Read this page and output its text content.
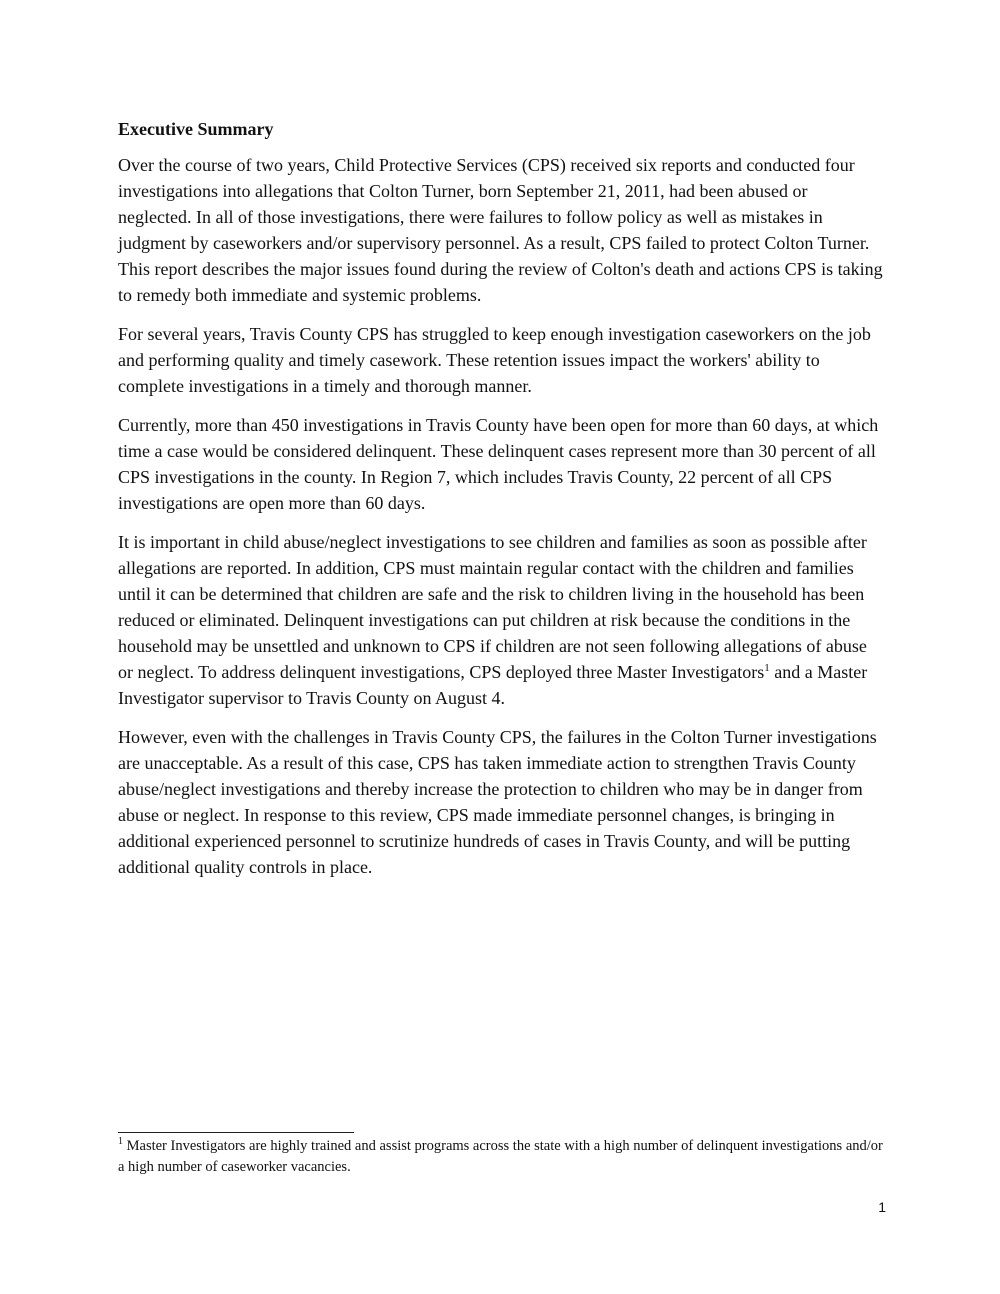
Executive Summary

Over the course of two years, Child Protective Services (CPS) received six reports and conducted four investigations into allegations that Colton Turner, born September 21, 2011, had been abused or neglected. In all of those investigations, there were failures to follow policy as well as mistakes in judgment by caseworkers and/or supervisory personnel. As a result, CPS failed to protect Colton Turner. This report describes the major issues found during the review of Colton's death and actions CPS is taking to remedy both immediate and systemic problems.

For several years, Travis County CPS has struggled to keep enough investigation caseworkers on the job and performing quality and timely casework. These retention issues impact the workers' ability to complete investigations in a timely and thorough manner.

Currently, more than 450 investigations in Travis County have been open for more than 60 days, at which time a case would be considered delinquent. These delinquent cases represent more than 30 percent of all CPS investigations in the county. In Region 7, which includes Travis County, 22 percent of all CPS investigations are open more than 60 days.

It is important in child abuse/neglect investigations to see children and families as soon as possible after allegations are reported. In addition, CPS must maintain regular contact with the children and families until it can be determined that children are safe and the risk to children living in the household has been reduced or eliminated. Delinquent investigations can put children at risk because the conditions in the household may be unsettled and unknown to CPS if children are not seen following allegations of abuse or neglect. To address delinquent investigations, CPS deployed three Master Investigators$^1$ and a Master Investigator supervisor to Travis County on August 4.

However, even with the challenges in Travis County CPS, the failures in the Colton Turner investigations are unacceptable. As a result of this case, CPS has taken immediate action to strengthen Travis County abuse/neglect investigations and thereby increase the protection to children who may be in danger from abuse or neglect. In response to this review, CPS made immediate personnel changes, is bringing in additional experienced personnel to scrutinize hundreds of cases in Travis County, and will be putting additional quality controls in place.

$^1$ Master Investigators are highly trained and assist programs across the state with a high number of delinquent investigations and/or a high number of caseworker vacancies.
1
